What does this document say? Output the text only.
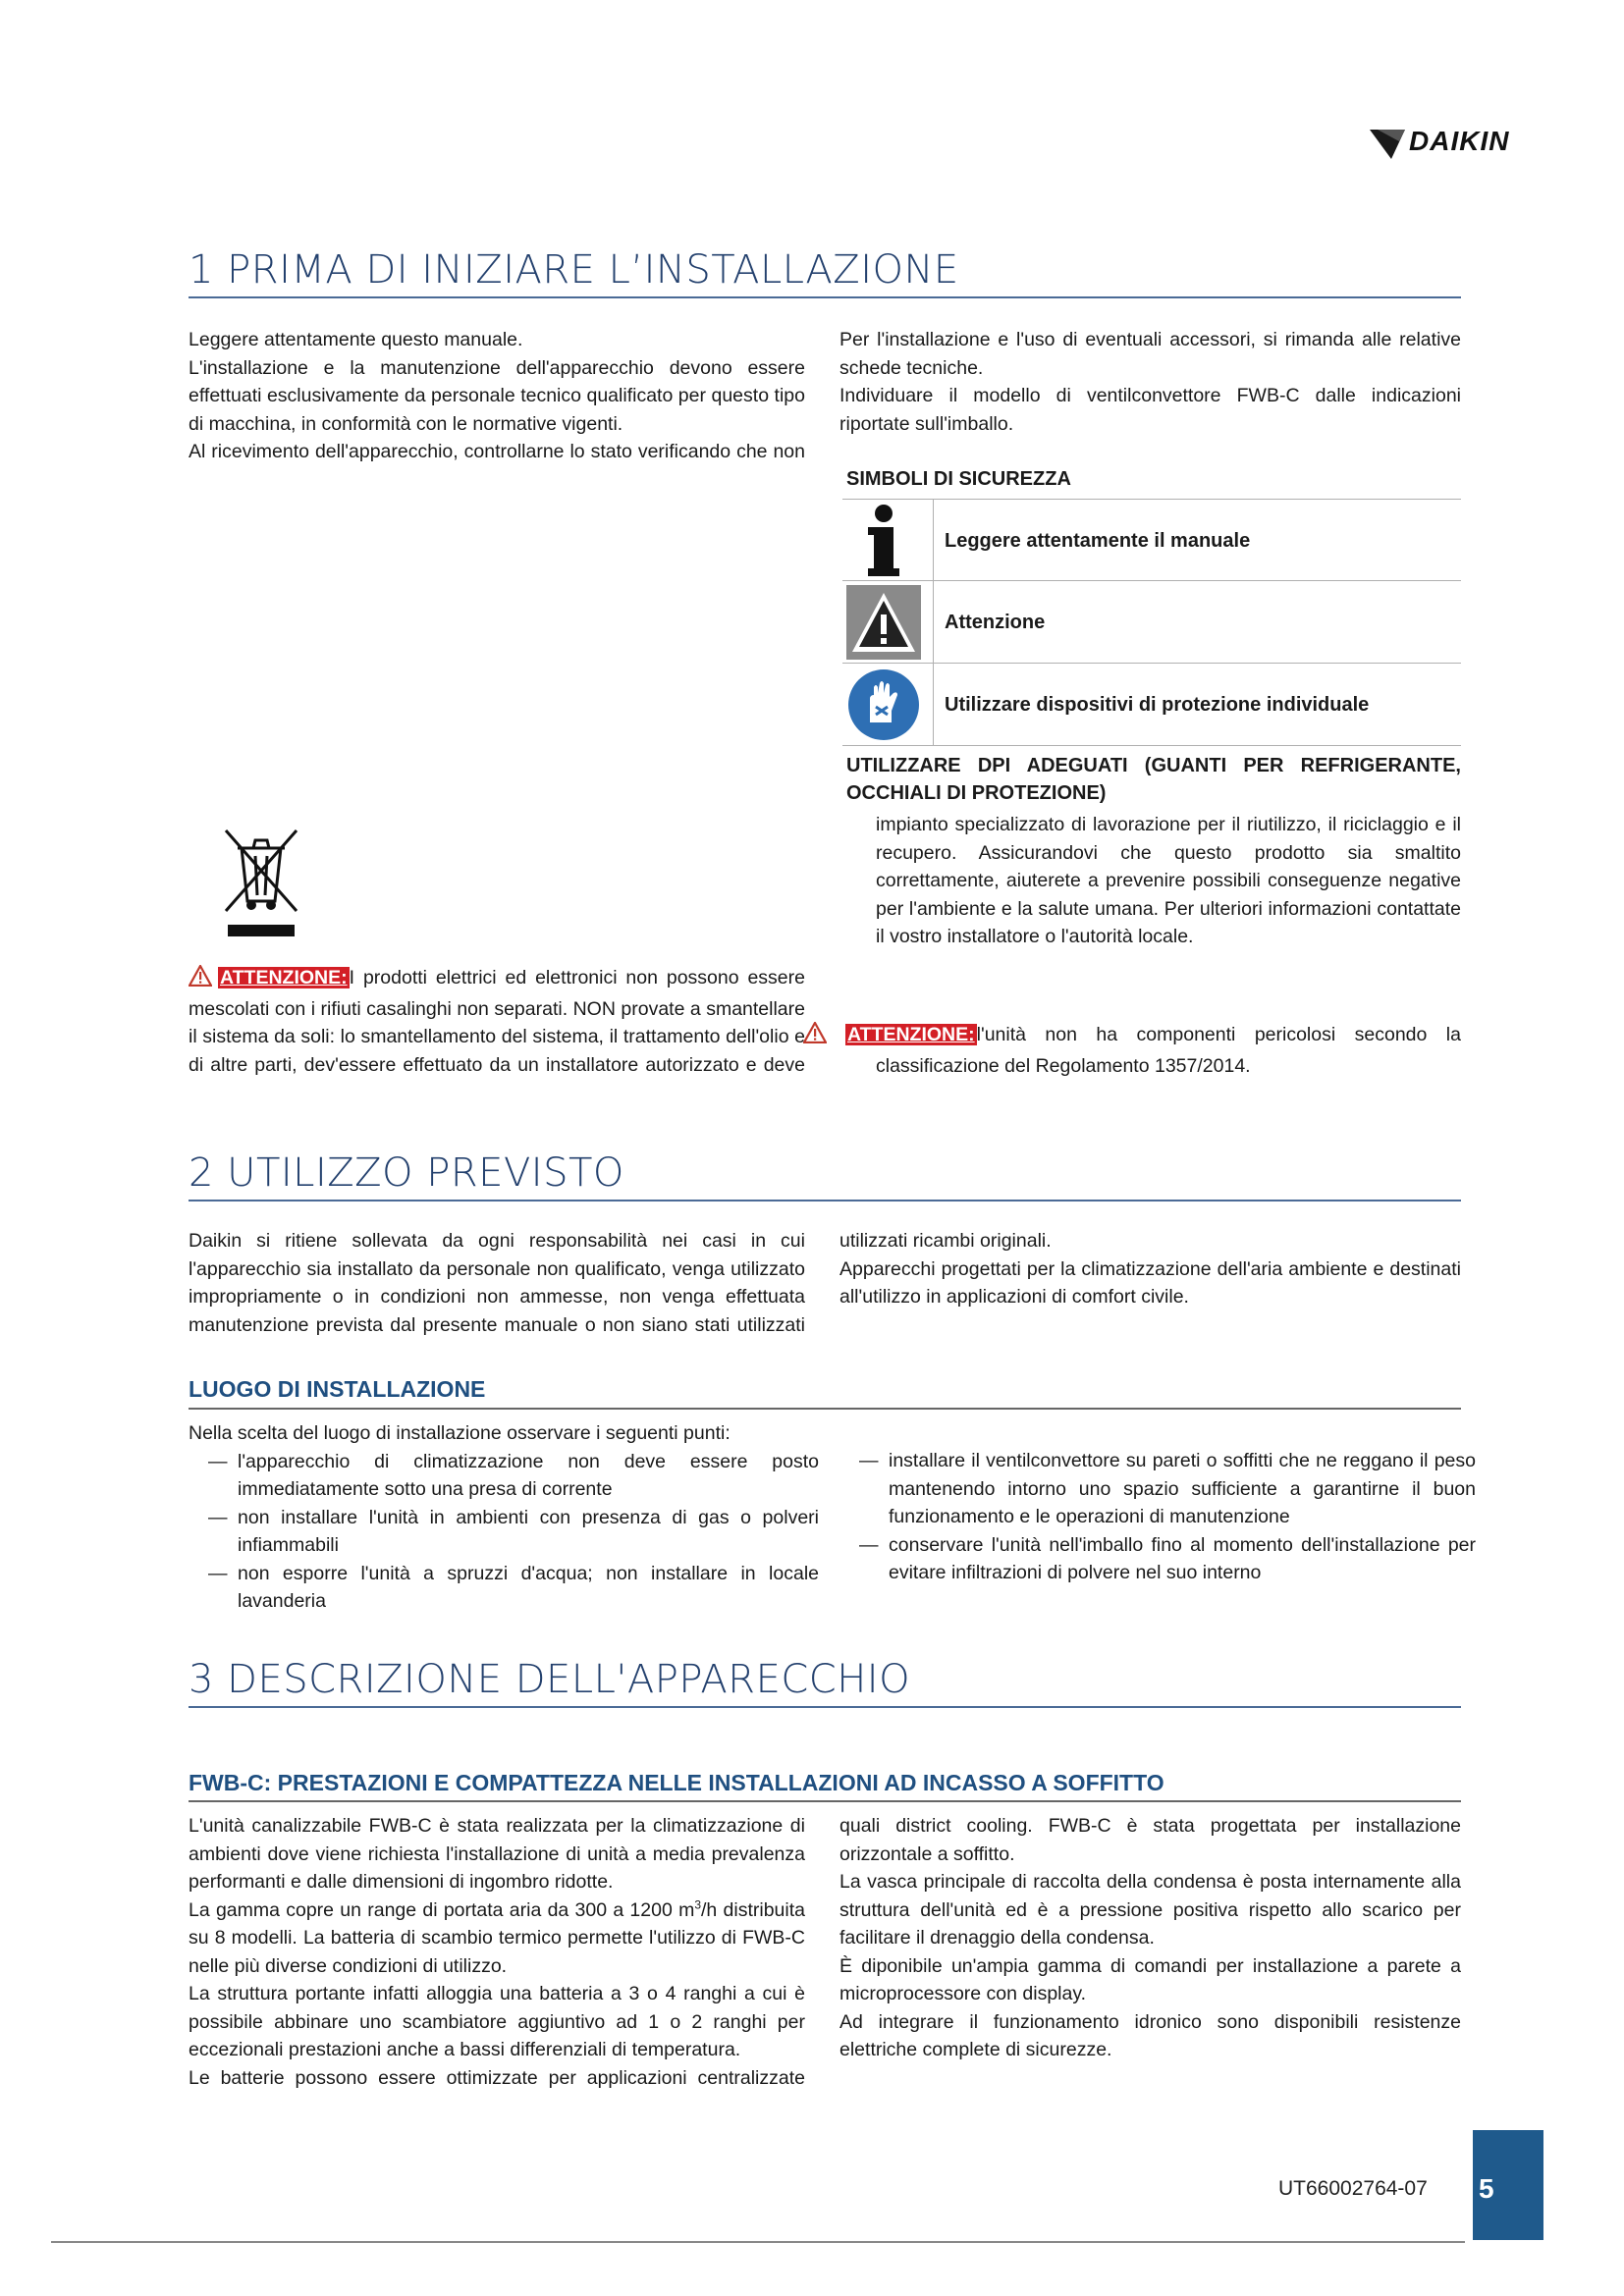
DAIKIN
1 PRIMA DI INIZIARE L’INSTALLAZIONE

Leggere attentamente questo manuale.

L'installazione e la manutenzione dell'apparecchio devono essere effettuati esclusivamente da personale tecnico qualificato per questo tipo di macchina, in conformità con le normative vigenti.

Al ricevimento dell'apparecchio, controllarne lo stato verificando che non

Per l'installazione e l'uso di eventuali accessori, si rimanda alle relative schede tecniche.

Individuare il modello di ventilconvettore FWB-C dalle indicazioni riportate sull'imballo.

SIMBOLI DI SICUREZZA
Leggere attentamente il manuale
Attenzione
Utilizzare dispositivi di protezione individuale
UTILIZZARE DPI ADEGUATI (GUANTI PER REFRIGERANTE, OCCHIALI DI PROTEZIONE)

ATTENZIONE: I prodotti elettrici ed elettronici non possono essere mescolati con i rifiuti casalinghi non separati. NON provate a smantellare il sistema da soli: lo smantellamento del sistema, il trattamento dell'olio e di altre parti, dev'essere effettuato da un installatore autorizzato e deve

impianto specializzato di lavorazione per il riutilizzo, il riciclaggio e il recupero. Assicurandovi che questo prodotto sia smaltito correttamente, aiuterete a prevenire possibili conseguenze negative per l'ambiente e la salute umana. Per ulteriori informazioni contattate il vostro installatore o l'autorità locale.

ATTENZIONE: l'unità non ha componenti pericolosi secondo la classificazione del Regolamento 1357/2014.

2 UTILIZZO PREVISTO

Daikin si ritiene sollevata da ogni responsabilità nei casi in cui l'apparecchio sia installato da personale non qualificato, venga utilizzato impropriamente o in condizioni non ammesse, non venga effettuata manutenzione prevista dal presente manuale o non siano stati utilizzati

utilizzati ricambi originali.

Apparecchi progettati per la climatizzazione dell'aria ambiente e destinati all'utilizzo in applicazioni di comfort civile.

LUOGO DI INSTALLAZIONE

Nella scelta del luogo di installazione osservare i seguenti punti:

— l'apparecchio di climatizzazione non deve essere posto immediatamente sotto una presa di corrente
— non installare l'unità in ambienti con presenza di gas o polveri infiammabili
— non esporre l'unità a spruzzi d'acqua; non installare in locale lavanderia
— installare il ventilconvettore su pareti o soffitti che ne reggano il peso mantenendo intorno uno spazio sufficiente a garantirne il buon funzionamento e le operazioni di manutenzione
— conservare l'unità nell'imballo fino al momento dell'installazione per evitare infiltrazioni di polvere nel suo interno
3 DESCRIZIONE DELL'APPARECCHIO
FWB-C: PRESTAZIONI E COMPATTEZZA NELLE INSTALLAZIONI AD INCASSO A SOFFITTO

L'unità canalizzabile FWB-C è stata realizzata per la climatizzazione di ambienti dove viene richiesta l'installazione di unità a media prevalenza performanti e dalle dimensioni di ingombro ridotte.

La gamma copre un range di portata aria da 300 a 1200 $m^3/h$ distribuita su 8 modelli. La batteria di scambio termico permette l'utilizzo di FWB-C nelle più diverse condizioni di utilizzo.

La struttura portante infatti alloggia una batteria a 3 o 4 ranghi a cui è possibile abbinare uno scambiatore aggiuntivo ad 1 o 2 ranghi per eccezionali prestazioni anche a bassi differenziali di temperatura.

Le batterie possono essere ottimizzate per applicazioni centralizzate

quali district cooling. FWB-C è stata progettata per installazione orizzontale a soffitto.

La vasca principale di raccolta della condensa è posta internamente alla struttura dell'unità ed è a pressione positiva rispetto allo scarico per facilitare il drenaggio della condensa.

È diponibile un'ampia gamma di comandi per installazione a parete a microprocessore con display.

Ad integrare il funzionamento idronico sono disponibili resistenze elettriche complete di sicurezze.

UT66002764-07 5
